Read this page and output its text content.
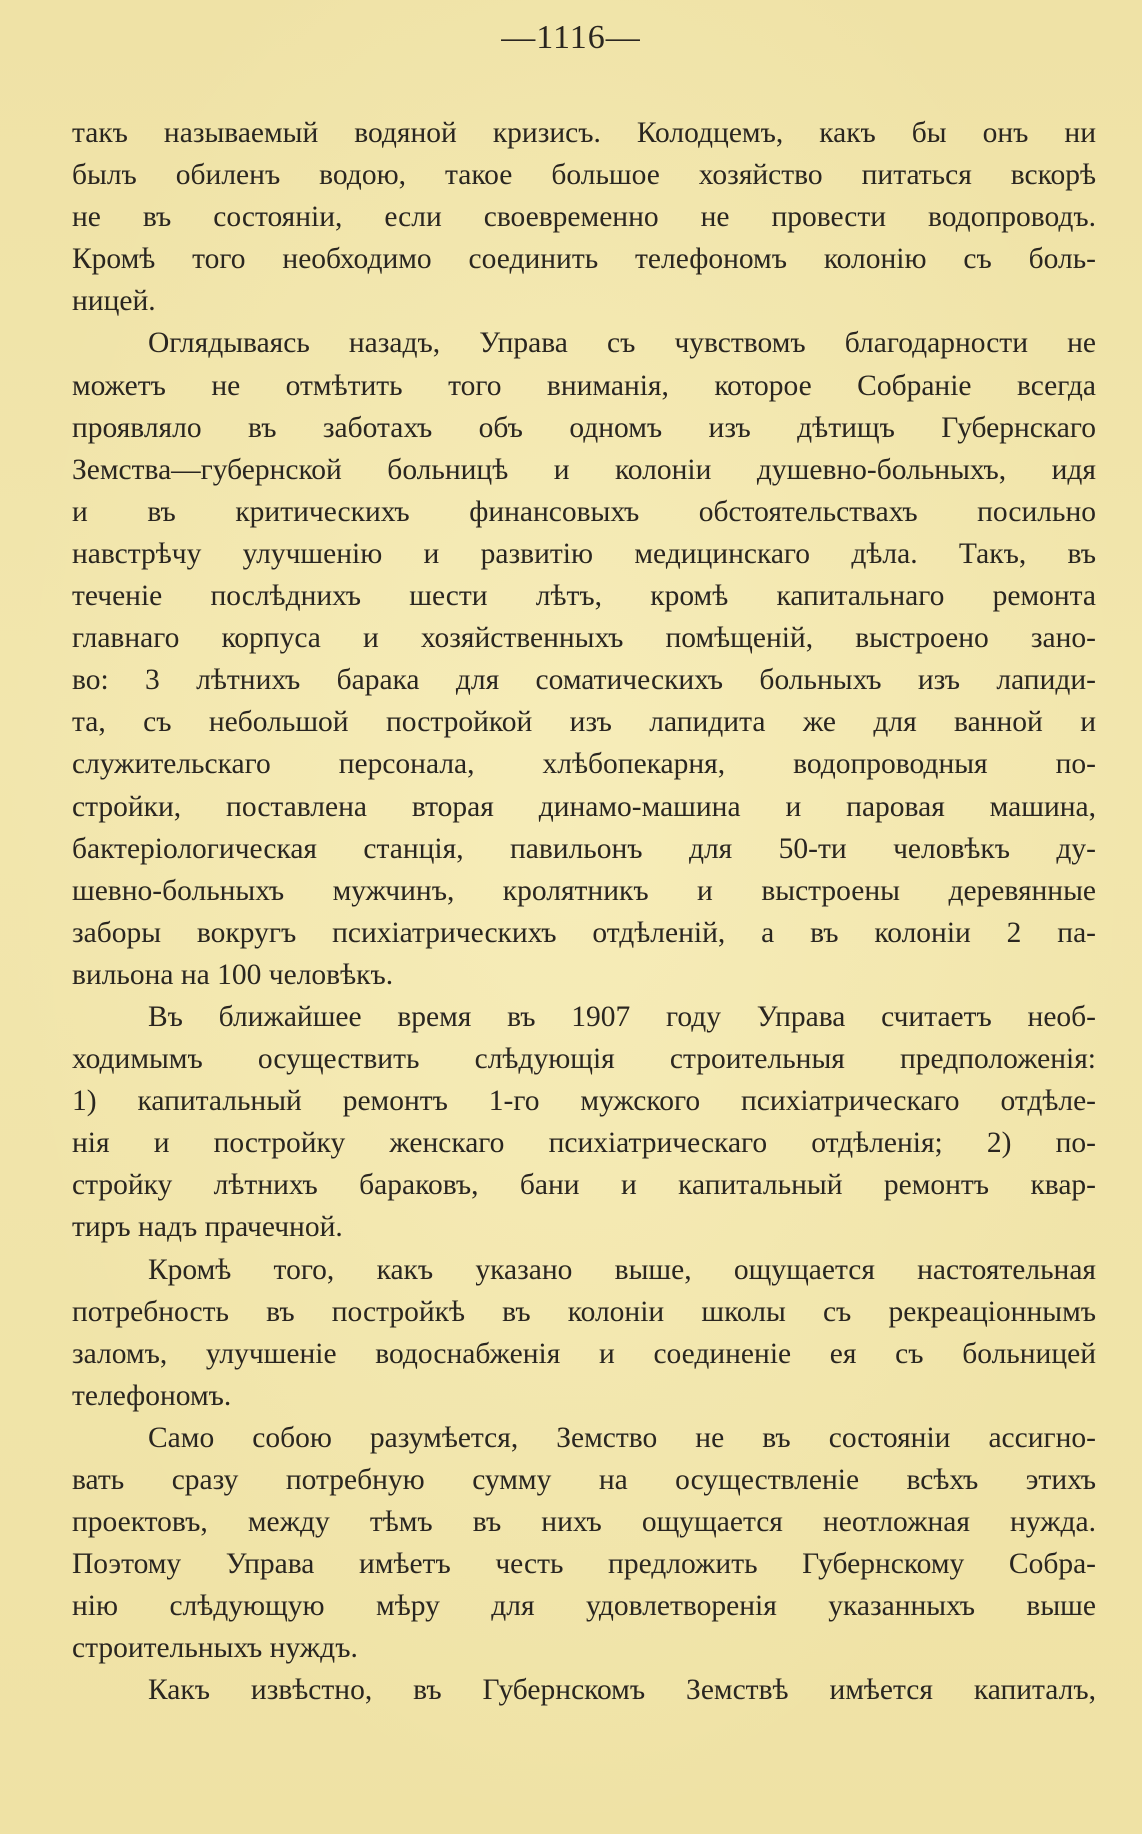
—1116—
такъ называемый водяной кризисъ. Колодцемъ, какъ бы онъ ни
былъ обиленъ водою, такое большое хозяйство питаться вскорѣ
не въ состояніи, если своевременно не провести водопроводъ.
Кромѣ того необходимо соединить телефономъ колонію съ боль-
ницей.
Оглядываясь назадъ, Управа съ чувствомъ благодарности не
можетъ не отмѣтить того вниманія, которое Собраніе всегда
проявляло въ заботахъ объ одномъ изъ дѣтищъ Губернскаго
Земства—губернской больницѣ и колоніи душевно-больныхъ, идя
и въ критическихъ финансовыхъ обстоятельствахъ посильно
навстрѣчу улучшенію и развитію медицинскаго дѣла. Такъ, въ
теченіе послѣднихъ шести лѣтъ, кромѣ капитальнаго ремонта
главнаго корпуса и хозяйственныхъ помѣщеній, выстроено зано-
во: 3 лѣтнихъ барака для соматическихъ больныхъ изъ лапиди-
та, съ небольшой постройкой изъ лапидита же для ванной и
служительскаго персонала, хлѣбопекарня, водопроводныя по-
стройки, поставлена вторая динамо-машина и паровая машина,
бактеріологическая станція, павильонъ для 50-ти человѣкъ ду-
шевно-больныхъ мужчинъ, кролятникъ и выстроены деревянные
заборы вокругъ психіатрическихъ отдѣленій, а въ колоніи 2 па-
вильона на 100 человѣкъ.
Въ ближайшее время въ 1907 году Управа считаетъ необ-
ходимымъ осуществить слѣдующія строительныя предположенія:
1) капитальный ремонтъ 1-го мужского психіатрическаго отдѣле-
нія и постройку женскаго психіатрическаго отдѣленія; 2) по-
стройку лѣтнихъ бараковъ, бани и капитальный ремонтъ квар-
тиръ надъ прачечной.
Кромѣ того, какъ указано выше, ощущается настоятельная
потребность въ постройкѣ въ колоніи школы съ рекреаціоннымъ
заломъ, улучшеніе водоснабженія и соединеніе ея съ больницей
телефономъ.
Само собою разумѣется, Земство не въ состояніи ассигно-
вать сразу потребную сумму на осуществленіе всѣхъ этихъ
проектовъ, между тѣмъ въ нихъ ощущается неотложная нужда.
Поэтому Управа имѣетъ честь предложить Губернскому Собра-
нію слѣдующую мѣру для удовлетворенія указанныхъ выше
строительныхъ нуждъ.
Какъ извѣстно, въ Губернскомъ Земствѣ имѣется капиталъ,
